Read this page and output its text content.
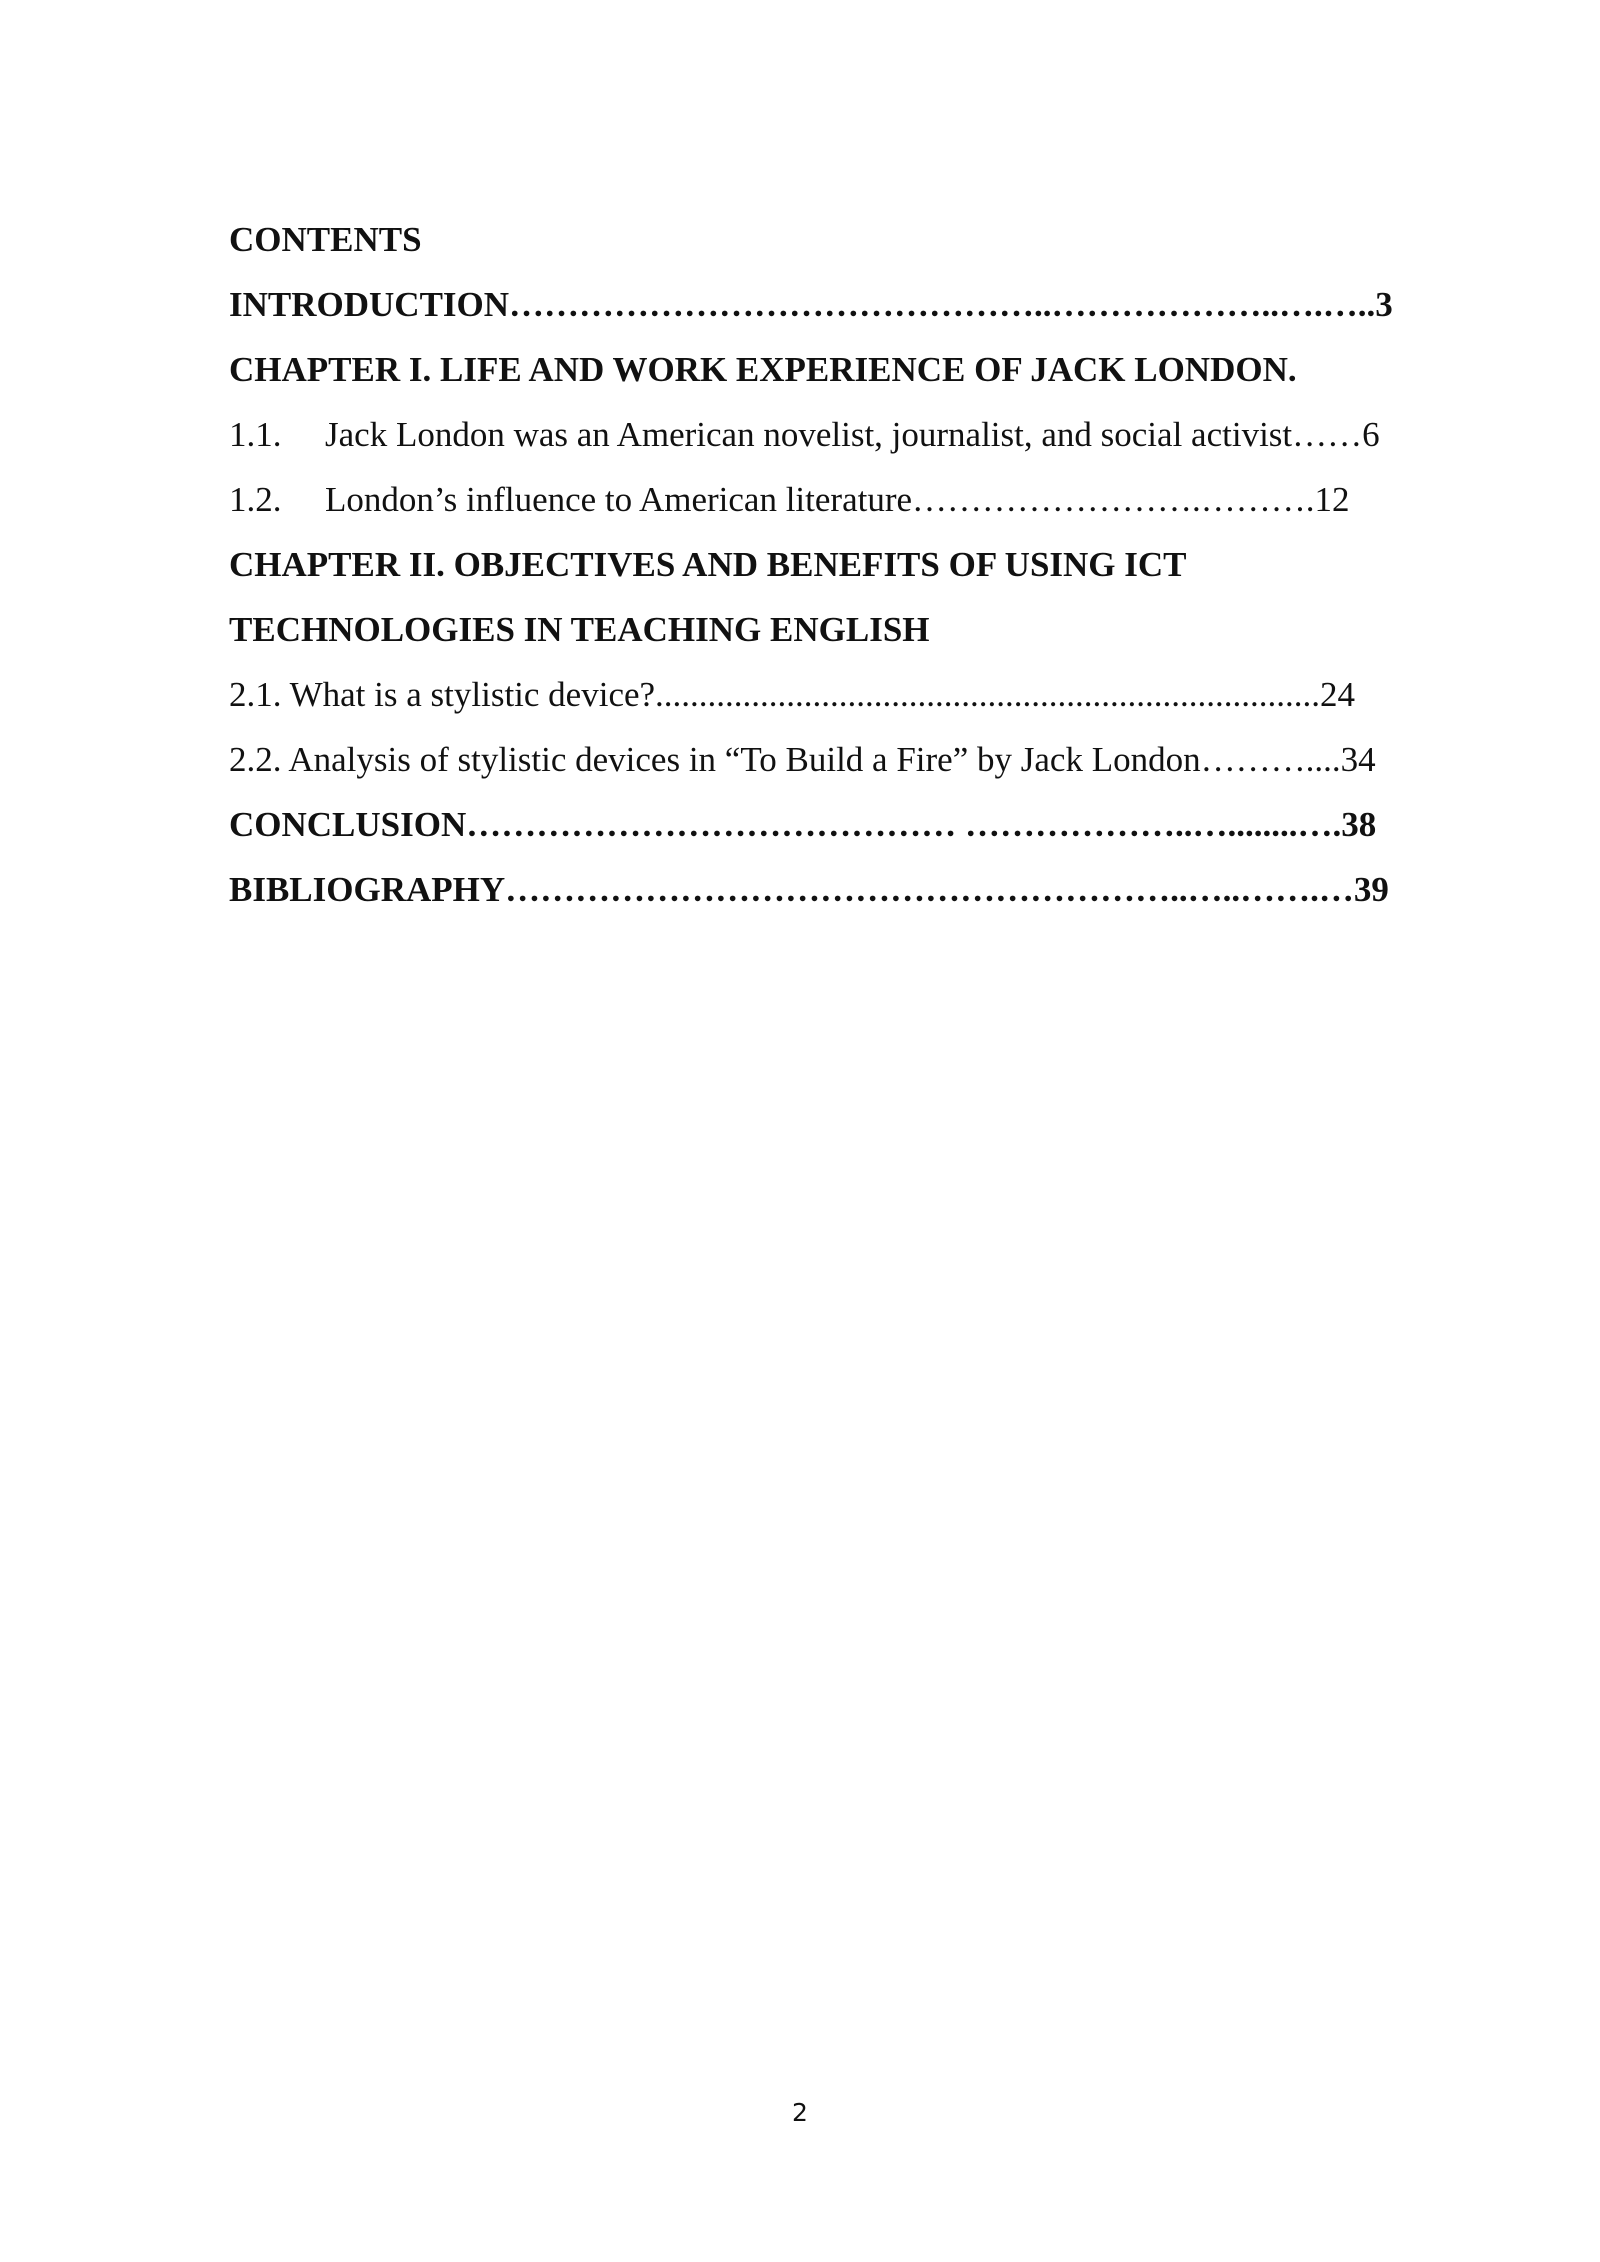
CONTENTS
INTRODUCTION………………………………………..………………..….…..3
CHAPTER I. LIFE AND WORK EXPERIENCE OF JACK LONDON.
1.1. Jack London was an American novelist, journalist, and social activist……6
1.2. London’s influence to American literature…………………….……….12
CHAPTER II. OBJECTIVES AND BENEFITS OF USING ICT
TECHNOLOGIES IN TEACHING ENGLISH
2.1. What is a stylistic device?............................................................................24
2.2. Analysis of stylistic devices in “To Build a Fire” by Jack London………....34
CONCLUSION…………………………………… ………………..…........….38
BIBLIOGRAPHY…………………………………………………..…..…….…39
2
